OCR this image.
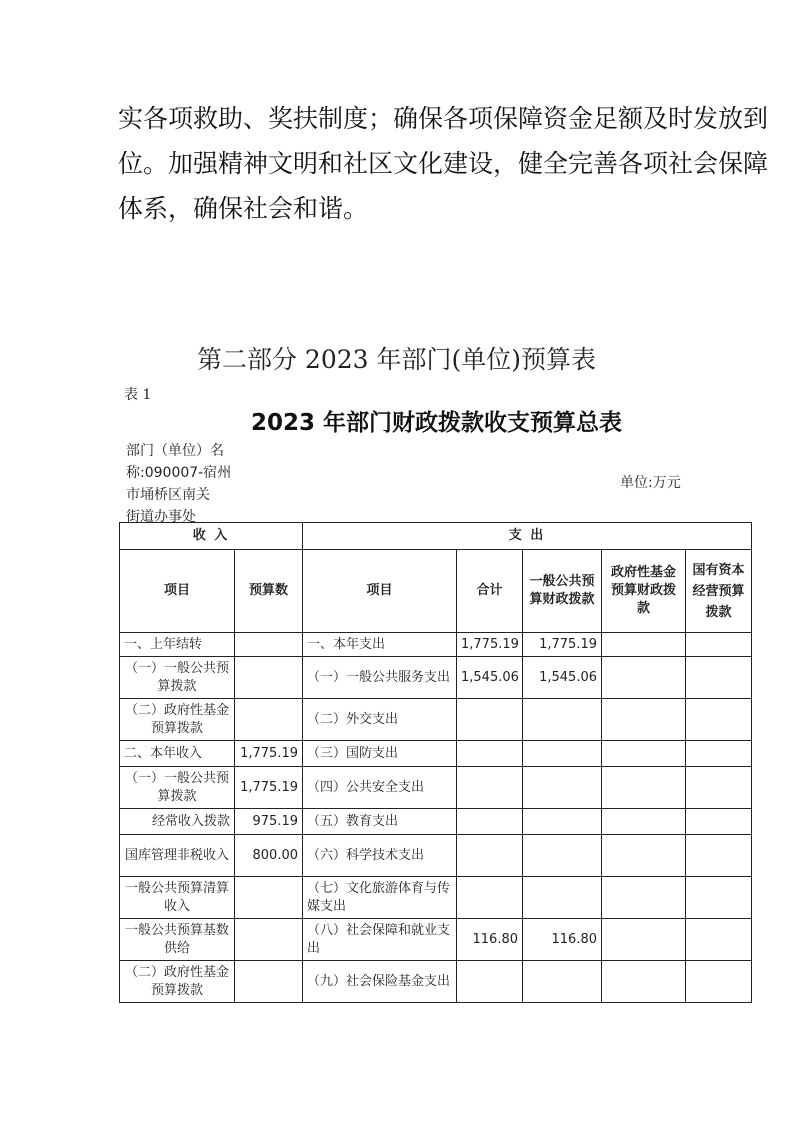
实各项救助、奖扶制度；确保各项保障资金足额及时发放到
位。加强精神文明和社区文化建设，健全完善各项社会保障
体系，确保社会和谐。
第二部分 2023 年部门(单位)预算表
表 1
2023 年部门财政拨款收支预算总表
部门（单位）名
称:090007-宿州
市埇桥区南关
街道办事处
单位:万元
收 入		支 出				
项目	预算数	项目	合计	一般公共预算财政拨款	政府性基金预算财政拨款	国有资本经营预算拨款
一、上年结转		一、本年支出	1,775.19	1,775.19		
（一）一般公共预算拨款		（一）一般公共服务支出	1,545.06	1,545.06		
（二）政府性基金预算拨款		（二）外交支出				
二、本年收入	1,775.19	（三）国防支出				
（一）一般公共预算拨款	1,775.19	（四）公共安全支出				
经常收入拨款	975.19	（五）教育支出				
国库管理非税收入	800.00	（六）科学技术支出				
一般公共预算清算收入		（七）文化旅游体育与传媒支出				
一般公共预算基数供给		（八）社会保障和就业支出	116.80	116.80		
（二）政府性基金预算拨款		（九）社会保险基金支出				
